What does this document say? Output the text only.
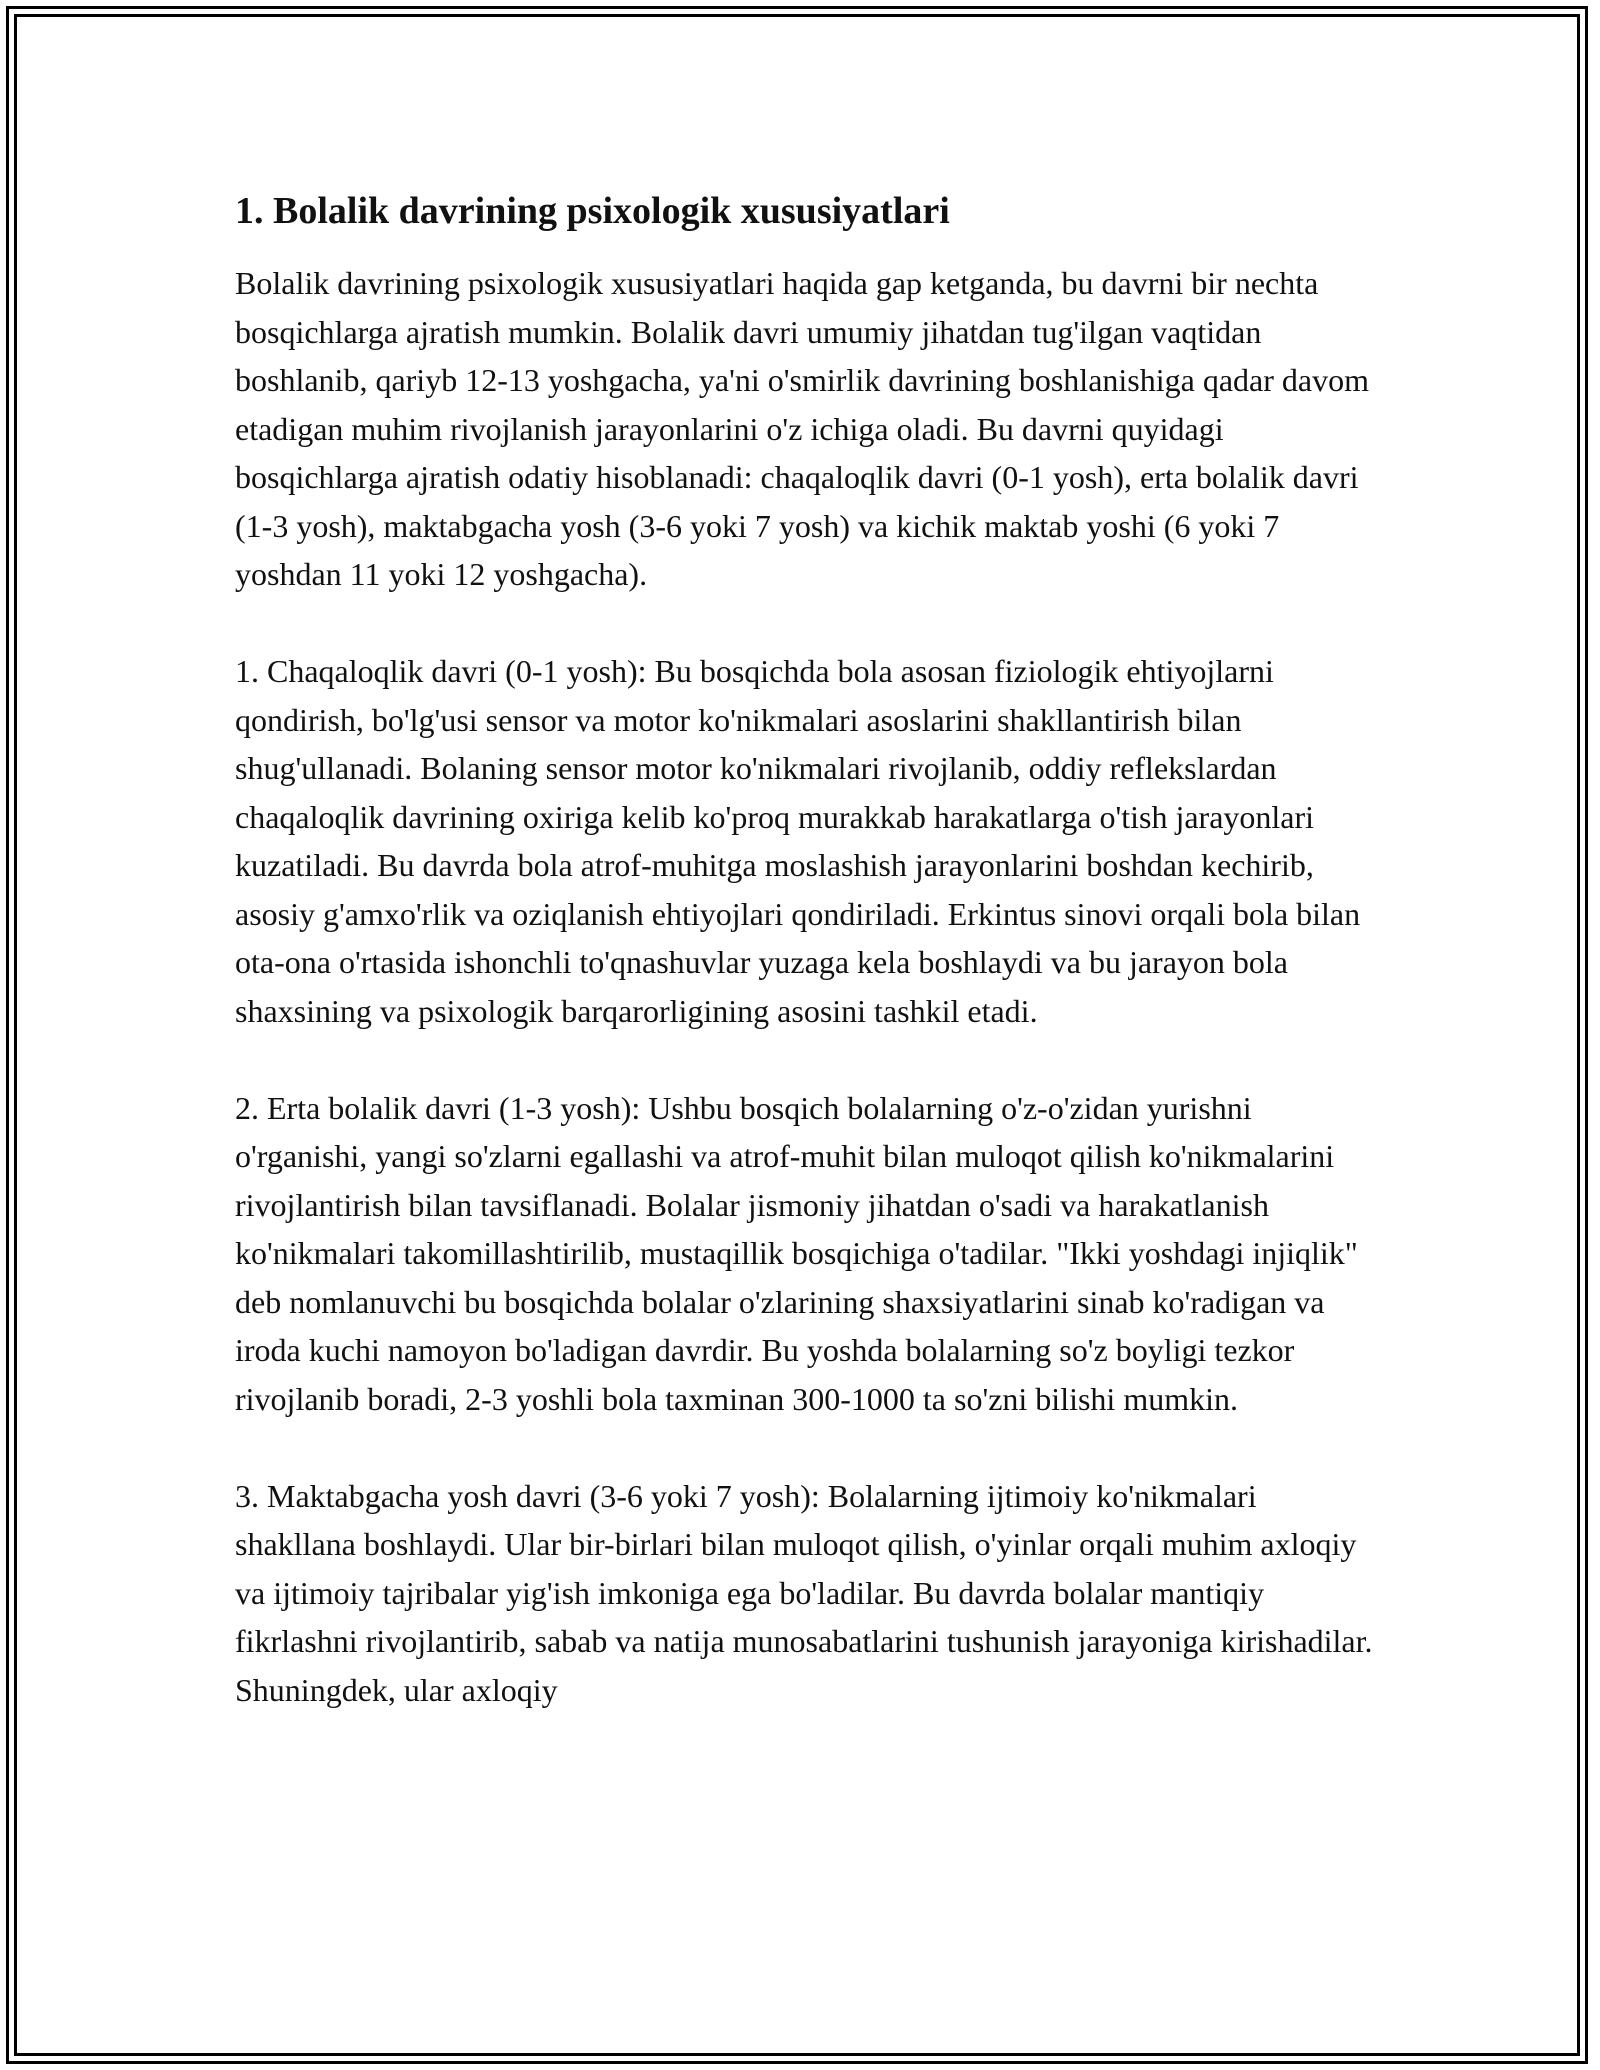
1. Bolalik davrining psixologik xususiyatlari

Bolalik davrining psixologik xususiyatlari haqida gap ketganda, bu davrni bir nechta bosqichlarga ajratish mumkin. Bolalik davri umumiy jihatdan tug'ilgan vaqtidan boshlanib, qariyb 12-13 yoshgacha, ya'ni o'smirlik davrining boshlanishiga qadar davom etadigan muhim rivojlanish jarayonlarini o'z ichiga oladi. Bu davrni quyidagi bosqichlarga ajratish odatiy hisoblanadi: chaqaloqlik davri (0-1 yosh), erta bolalik davri (1-3 yosh), maktabgacha yosh (3-6 yoki 7 yosh) va kichik maktab yoshi (6 yoki 7 yoshdan 11 yoki 12 yoshgacha).

1. Chaqaloqlik davri (0-1 yosh): Bu bosqichda bola asosan fiziologik ehtiyojlarni qondirish, bo'lg'usi sensor va motor ko'nikmalari asoslarini shakllantirish bilan shug'ullanadi. Bolaning sensor motor ko'nikmalari rivojlanib, oddiy reflekslardan chaqaloqlik davrining oxiriga kelib ko'proq murakkab harakatlarga o'tish jarayonlari kuzatiladi. Bu davrda bola atrof-muhitga moslashish jarayonlarini boshdan kechirib, asosiy g'amxo'rlik va oziqlanish ehtiyojlari qondiriladi. Erkintus sinovi orqali bola bilan ota-ona o'rtasida ishonchli to'qnashuvlar yuzaga kela boshlaydi va bu jarayon bola shaxsining va psixologik barqarorligining asosini tashkil etadi.

2. Erta bolalik davri (1-3 yosh): Ushbu bosqich bolalarning o'z-o'zidan yurishni o'rganishi, yangi so'zlarni egallashi va atrof-muhit bilan muloqot qilish ko'nikmalarini rivojlantirish bilan tavsiflanadi. Bolalar jismoniy jihatdan o'sadi va harakatlanish ko'nikmalari takomillashtirilib, mustaqillik bosqichiga o'tadilar. "Ikki yoshdagi injiqlik" deb nomlanuvchi bu bosqichda bolalar o'zlarining shaxsiyatlarini sinab ko'radigan va iroda kuchi namoyon bo'ladigan davrdir. Bu yoshda bolalarning so'z boyligi tezkor rivojlanib boradi, 2-3 yoshli bola taxminan 300-1000 ta so'zni bilishi mumkin.

3. Maktabgacha yosh davri (3-6 yoki 7 yosh): Bolalarning ijtimoiy ko'nikmalari shakllana boshlaydi. Ular bir-birlari bilan muloqot qilish, o'yinlar orqali muhim axloqiy va ijtimoiy tajribalar yig'ish imkoniga ega bo'ladilar. Bu davrda bolalar mantiqiy fikrlashni rivojlantirib, sabab va natija munosabatlarini tushunish jarayoniga kirishadilar. Shuningdek, ular axloqiy
